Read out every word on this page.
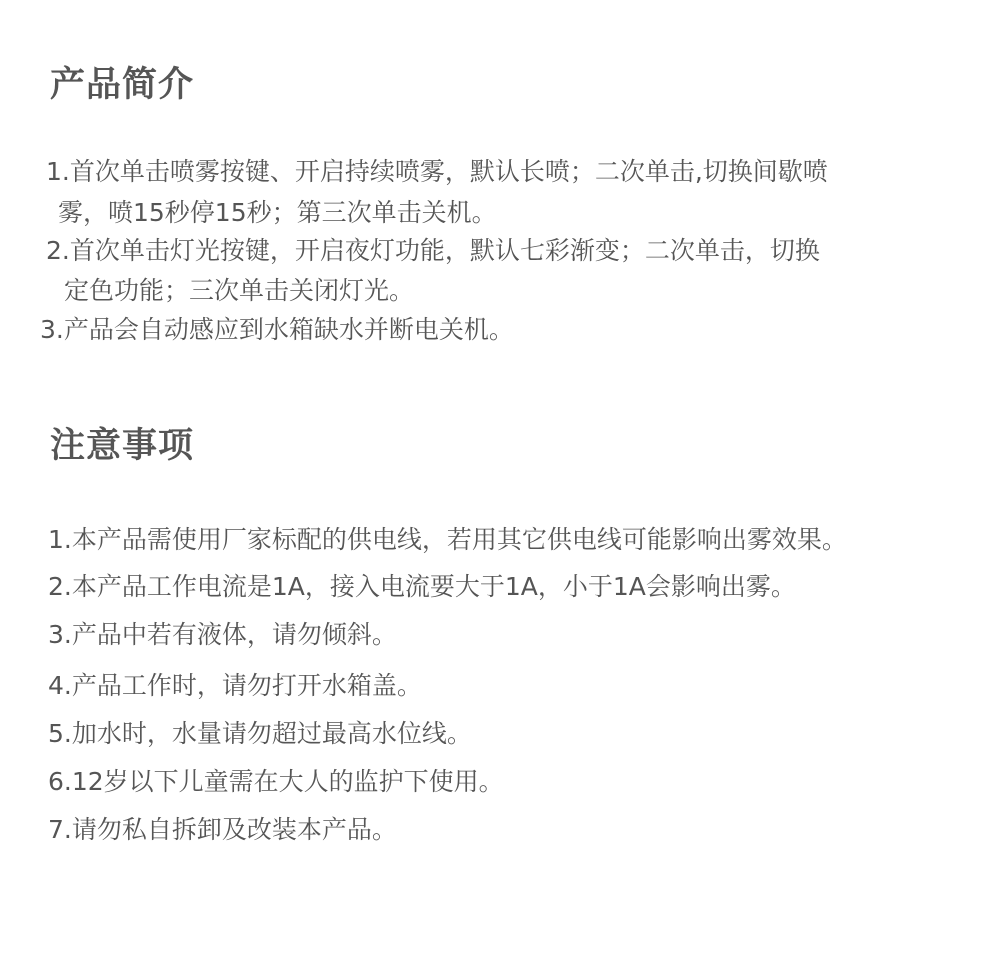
产品简介
1.首次单击喷雾按键、开启持续喷雾，默认长喷；二次单击,切换间歇喷
雾，喷15秒停15秒；第三次单击关机。
2.首次单击灯光按键，开启夜灯功能，默认七彩渐变；二次单击，切换
定色功能；三次单击关闭灯光。
3.产品会自动感应到水箱缺水并断电关机。
注意事项
1.本产品需使用厂家标配的供电线，若用其它供电线可能影响出雾效果。
2.本产品工作电流是1A，接入电流要大于1A，小于1A会影响出雾。
3.产品中若有液体，请勿倾斜。
4.产品工作时，请勿打开水箱盖。
5.加水时，水量请勿超过最高水位线。
6.12岁以下儿童需在大人的监护下使用。
7.请勿私自拆卸及改装本产品。
